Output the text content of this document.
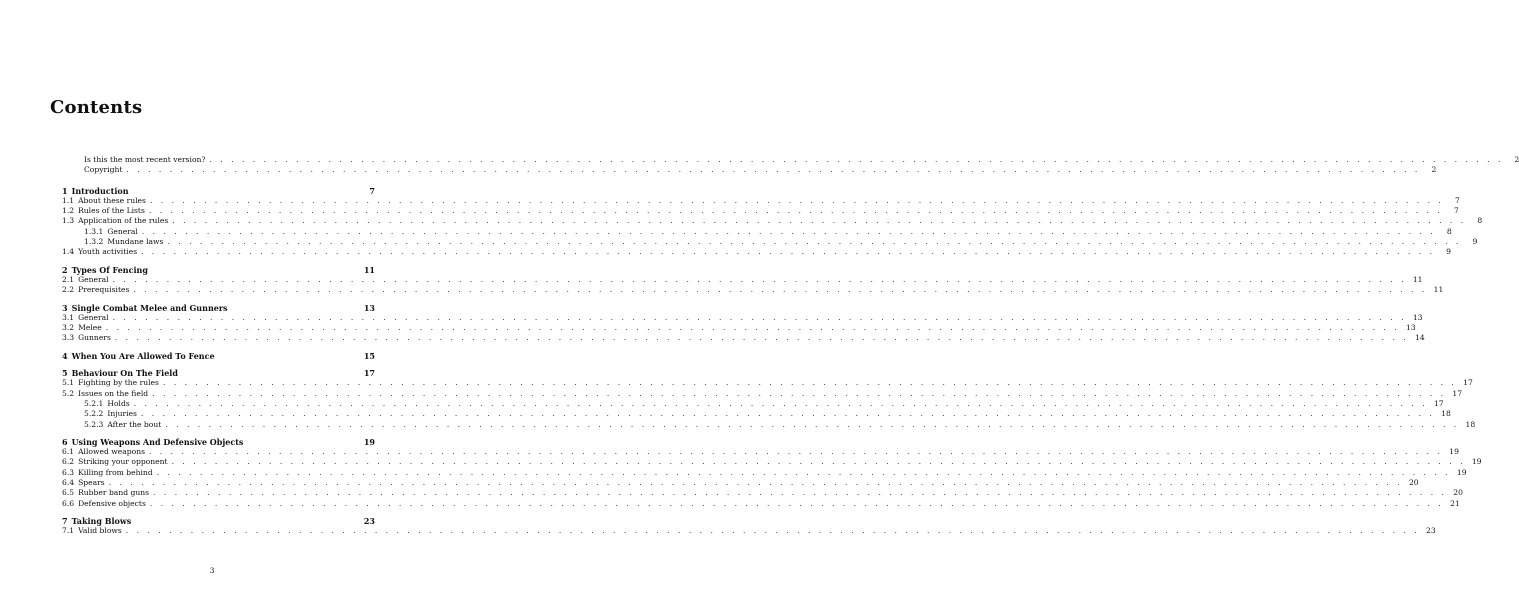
Contents
Is this the most recent version? . . . . . . . . . . . . . . . . . . . . . . . . . . . . . . . . . . . . . . . . . . . . . . . . . . . . . . . . . . . . . . . . . . . . . . . . . . . . . . . . . . . . . . . . . . . . . . . . . . . . . . . . . . . . . . . . . . . . . . . .	2
Copyright . . . . . . . . . . . . . . . . . . . . . . . . . . . . . . . . . . . . . . . . . . . . . . . . . . . . . . . . . . . . . . . . . . . . . . . . . . . . . . . . . . . . . . . . . . . . . . . . . . . . . . . . . . . . . . . . . . . . . . . .	2
1 Introduction	7
1.1 About these rules . . . . . . . . . . . . . . . . . . . . . . . . . . . . . . . . . . . . . . . . . . . . . . . . . . . . . . . . . . . . . . . . . . . . . . . . . . . . . . . . . . . . . . . . . . . . . . . . . . . . . . . . . . . . . . . . . . . . . . . .	7
1.2 Rules of the Lists . . . . . . . . . . . . . . . . . . . . . . . . . . . . . . . . . . . . . . . . . . . . . . . . . . . . . . . . . . . . . . . . . . . . . . . . . . . . . . . . . . . . . . . . . . . . . . . . . . . . . . . . . . . . . . . . . . . . . . . .	7
1.3 Application of the rules . . . . . . . . . . . . . . . . . . . . . . . . . . . . . . . . . . . . . . . . . . . . . . . . . . . . . . . . . . . . . . . . . . . . . . . . . . . . . . . . . . . . . . . . . . . . . . . . . . . . . . . . . . . . . . . . . . . . . . . .	8
1.3.1 General . . . . . . . . . . . . . . . . . . . . . . . . . . . . . . . . . . . . . . . . . . . . . . . . . . . . . . . . . . . . . . . . . . . . . . . . . . . . . . . . . . . . . . . . . . . . . . . . . . . . . . . . . . . . . . . . . . . . . . . .	8
1.3.2 Mundane laws . . . . . . . . . . . . . . . . . . . . . . . . . . . . . . . . . . . . . . . . . . . . . . . . . . . . . . . . . . . . . . . . . . . . . . . . . . . . . . . . . . . . . . . . . . . . . . . . . . . . . . . . . . . . . . . . . . . . . . . .	9
1.4 Youth activities . . . . . . . . . . . . . . . . . . . . . . . . . . . . . . . . . . . . . . . . . . . . . . . . . . . . . . . . . . . . . . . . . . . . . . . . . . . . . . . . . . . . . . . . . . . . . . . . . . . . . . . . . . . . . . . . . . . . . . . .	9
2 Types Of Fencing	11
2.1 General . . . . . . . . . . . . . . . . . . . . . . . . . . . . . . . . . . . . . . . . . . . . . . . . . . . . . . . . . . . . . . . . . . . . . . . . . . . . . . . . . . . . . . . . . . . . . . . . . . . . . . . . . . . . . . . . . . . . . . . . 11
2.2 Prerequisites . . . . . . . . . . . . . . . . . . . . . . . . . . . . . . . . . . . . . . . . . . . . . . . . . . . . . . . . . . . . . . . . . . . . . . . . . . . . . . . . . . . . . . . . . . . . . . . . . . . . . . . . . . . . . . . . . . . . . . . . 11
3 Single Combat Melee and Gunners	13
3.1 General . . . . . . . . . . . . . . . . . . . . . . . . . . . . . . . . . . . . . . . . . . . . . . . . . . . . . . . . . . . . . . . . . . . . . . . . . . . . . . . . . . . . . . . . . . . . . . . . . . . . . . . . . . . . . . . . . . . . . . . . 13
3.2 Melee . . . . . . . . . . . . . . . . . . . . . . . . . . . . . . . . . . . . . . . . . . . . . . . . . . . . . . . . . . . . . . . . . . . . . . . . . . . . . . . . . . . . . . . . . . . . . . . . . . . . . . . . . . . . . . . . . . . . . . . . 13
3.3 Gunners . . . . . . . . . . . . . . . . . . . . . . . . . . . . . . . . . . . . . . . . . . . . . . . . . . . . . . . . . . . . . . . . . . . . . . . . . . . . . . . . . . . . . . . . . . . . . . . . . . . . . . . . . . . . . . . . . . . . . . . . 14
4 When You Are Allowed To Fence	15
5 Behaviour On The Field	17
5.1 Fighting by the rules . . . . . . . . . . . . . . . . . . . . . . . . . . . . . . . . . . . . . . . . . . . . . . . . . . . . . . . . . . . . . . . . . . . . . . . . . . . . . . . . . . . . . . . . . . . . . . . . . . . . . . . . . . . . . . . . . . . . . . . . 17
5.2 Issues on the field . . . . . . . . . . . . . . . . . . . . . . . . . . . . . . . . . . . . . . . . . . . . . . . . . . . . . . . . . . . . . . . . . . . . . . . . . . . . . . . . . . . . . . . . . . . . . . . . . . . . . . . . . . . . . . . . . . . . . . . . 17
5.2.1 Holds . . . . . . . . . . . . . . . . . . . . . . . . . . . . . . . . . . . . . . . . . . . . . . . . . . . . . . . . . . . . . . . . . . . . . . . . . . . . . . . . . . . . . . . . . . . . . . . . . . . . . . . . . . . . . . . . . . . . . . . . 17
5.2.2 Injuries . . . . . . . . . . . . . . . . . . . . . . . . . . . . . . . . . . . . . . . . . . . . . . . . . . . . . . . . . . . . . . . . . . . . . . . . . . . . . . . . . . . . . . . . . . . . . . . . . . . . . . . . . . . . . . . . . . . . . . . . 18
5.2.3 After the bout . . . . . . . . . . . . . . . . . . . . . . . . . . . . . . . . . . . . . . . . . . . . . . . . . . . . . . . . . . . . . . . . . . . . . . . . . . . . . . . . . . . . . . . . . . . . . . . . . . . . . . . . . . . . . . . . . . . . . . . . 18
6 Using Weapons And Defensive Objects	19
6.1 Allowed weapons . . . . . . . . . . . . . . . . . . . . . . . . . . . . . . . . . . . . . . . . . . . . . . . . . . . . . . . . . . . . . . . . . . . . . . . . . . . . . . . . . . . . . . . . . . . . . . . . . . . . . . . . . . . . . . . . . . . . . . . . 19
6.2 Striking your opponent . . . . . . . . . . . . . . . . . . . . . . . . . . . . . . . . . . . . . . . . . . . . . . . . . . . . . . . . . . . . . . . . . . . . . . . . . . . . . . . . . . . . . . . . . . . . . . . . . . . . . . . . . . . . . . . . . . . . . . . . 19
6.3 Killing from behind . . . . . . . . . . . . . . . . . . . . . . . . . . . . . . . . . . . . . . . . . . . . . . . . . . . . . . . . . . . . . . . . . . . . . . . . . . . . . . . . . . . . . . . . . . . . . . . . . . . . . . . . . . . . . . . . . . . . . . . . 19
6.4 Spears . . . . . . . . . . . . . . . . . . . . . . . . . . . . . . . . . . . . . . . . . . . . . . . . . . . . . . . . . . . . . . . . . . . . . . . . . . . . . . . . . . . . . . . . . . . . . . . . . . . . . . . . . . . . . . . . . . . . . . . . 20
6.5 Rubber band guns . . . . . . . . . . . . . . . . . . . . . . . . . . . . . . . . . . . . . . . . . . . . . . . . . . . . . . . . . . . . . . . . . . . . . . . . . . . . . . . . . . . . . . . . . . . . . . . . . . . . . . . . . . . . . . . . . . . . . . . . 20
6.6 Defensive objects . . . . . . . . . . . . . . . . . . . . . . . . . . . . . . . . . . . . . . . . . . . . . . . . . . . . . . . . . . . . . . . . . . . . . . . . . . . . . . . . . . . . . . . . . . . . . . . . . . . . . . . . . . . . . . . . . . . . . . . . 21
7 Taking Blows	23
7.1 Valid blows . . . . . . . . . . . . . . . . . . . . . . . . . . . . . . . . . . . . . . . . . . . . . . . . . . . . . . . . . . . . . . . . . . . . . . . . . . . . . . . . . . . . . . . . . . . . . . . . . . . . . . . . . . . . . . . . . . . . . . . . 23
3
